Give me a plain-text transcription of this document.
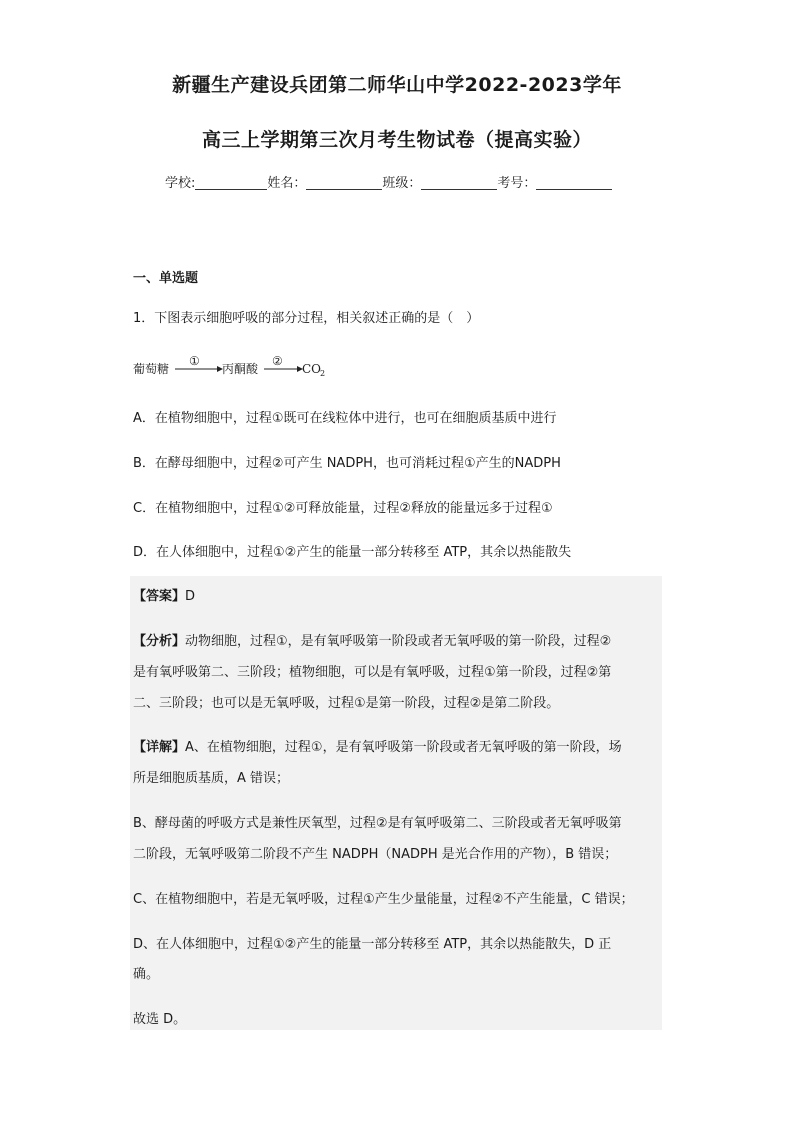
新疆生产建设兵团第二师华山中学2022-2023学年
高三上学期第三次月考生物试卷（提高实验）
学校:	姓名：	班级：	考号：
一、单选题
1．下图表示细胞呼吸的部分过程，相关叙述正确的是（　）
葡萄糖
①
丙酮酸
②
CO
2
A．在植物细胞中，过程①既可在线粒体中进行，也可在细胞质基质中进行
B．在酵母细胞中，过程②可产生 NADPH，也可消耗过程①产生的NADPH
C．在植物细胞中，过程①②可释放能量，过程②释放的能量远多于过程①
D．在人体细胞中，过程①②产生的能量一部分转移至 ATP，其余以热能散失
【答案】D
【分析】动物细胞，过程①，是有氧呼吸第一阶段或者无氧呼吸的第一阶段，过程②
是有氧呼吸第二、三阶段；植物细胞，可以是有氧呼吸，过程①第一阶段，过程②第
二、三阶段；也可以是无氧呼吸，过程①是第一阶段，过程②是第二阶段。
【详解】A、在植物细胞，过程①，是有氧呼吸第一阶段或者无氧呼吸的第一阶段，场
所是细胞质基质，A 错误；
B、酵母菌的呼吸方式是兼性厌氧型，过程②是有氧呼吸第二、三阶段或者无氧呼吸第
二阶段，无氧呼吸第二阶段不产生 NADPH（NADPH 是光合作用的产物），B 错误；
C、在植物细胞中，若是无氧呼吸，过程①产生少量能量，过程②不产生能量，C 错误；
D、在人体细胞中，过程①②产生的能量一部分转移至 ATP，其余以热能散失，D 正
确。
故选 D。
